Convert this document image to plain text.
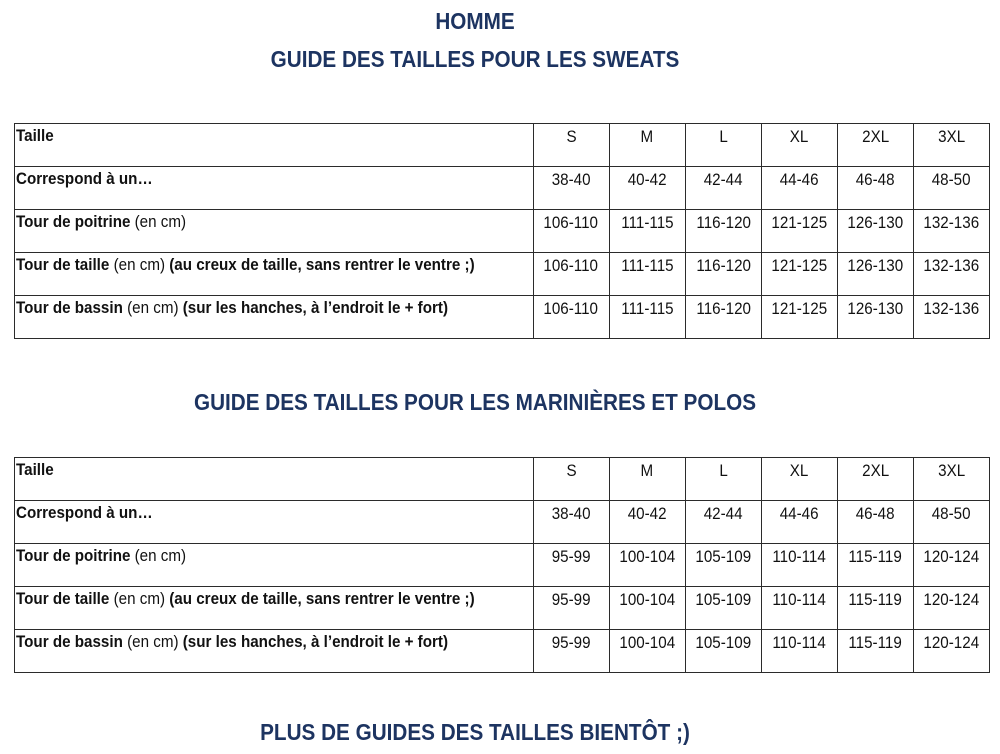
HOMME
GUIDE DES TAILLES POUR LES SWEATS
Taille	S	M	L	XL	2XL	3XL
Correspond à un…	38-40	40-42	42-44	44-46	46-48	48-50
Tour de poitrine (en cm)	106-110	111-115	116-120	121-125	126-130	132-136
Tour de taille (en cm) (au creux de taille, sans rentrer le ventre ;)	106-110	111-115	116-120	121-125	126-130	132-136
Tour de bassin (en cm) (sur les hanches, à l’endroit le + fort)	106-110	111-115	116-120	121-125	126-130	132-136
GUIDE DES TAILLES POUR LES MARINIÈRES ET POLOS
Taille	S	M	L	XL	2XL	3XL
Correspond à un…	38-40	40-42	42-44	44-46	46-48	48-50
Tour de poitrine (en cm)	95-99	100-104	105-109	110-114	115-119	120-124
Tour de taille (en cm) (au creux de taille, sans rentrer le ventre ;)	95-99	100-104	105-109	110-114	115-119	120-124
Tour de bassin (en cm) (sur les hanches, à l’endroit le + fort)	95-99	100-104	105-109	110-114	115-119	120-124
PLUS DE GUIDES DES TAILLES BIENTÔT ;)
